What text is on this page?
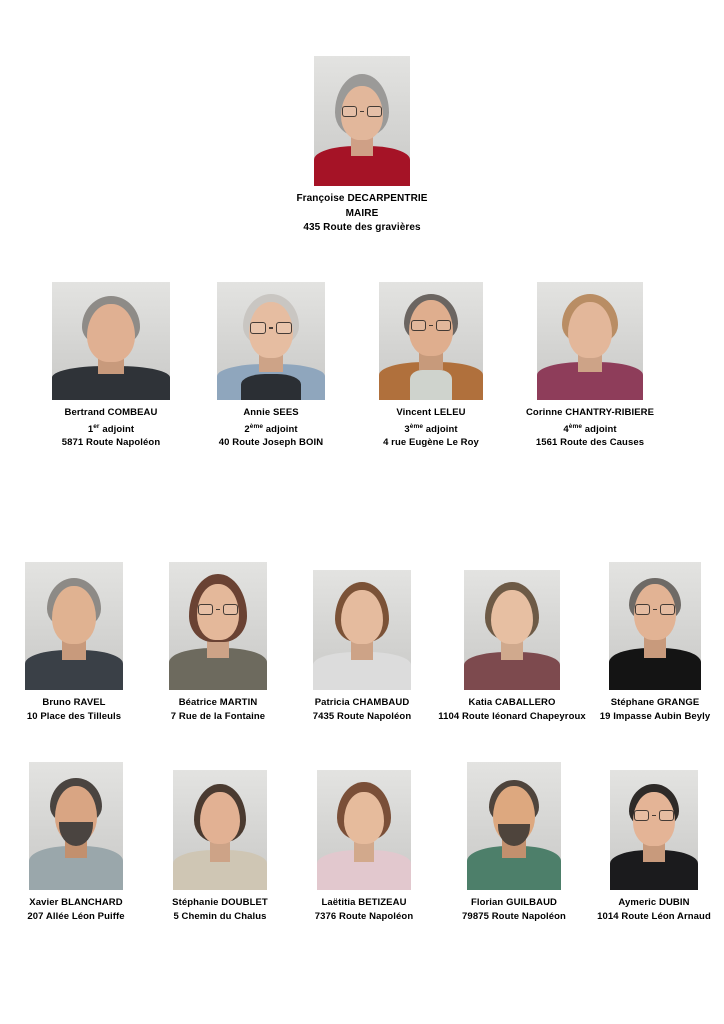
Françoise DECARPENTRIE
MAIRE
435 Route des gravières
Bertrand COMBEAU
1er adjoint
5871 Route Napoléon
Annie SEES
2ème adjoint
40 Route Joseph BOIN
Vincent LELEU
3ème adjoint
4 rue Eugène Le Roy
Corinne CHANTRY-RIBIERE
4ème adjoint
1561 Route des Causes
Bruno RAVEL
10 Place des Tilleuls
Béatrice MARTIN
7 Rue de la Fontaine
Patricia CHAMBAUD
7435 Route Napoléon
Katia CABALLERO
1104 Route léonard Chapeyroux
Stéphane GRANGE
19 Impasse Aubin Beyly
Xavier BLANCHARD
207 Allée Léon Puiffe
Stéphanie DOUBLET
5 Chemin du Chalus
Laëtitia BETIZEAU
7376 Route Napoléon
Florian GUILBAUD
79875 Route Napoléon
Aymeric DUBIN
1014 Route Léon Arnaud
